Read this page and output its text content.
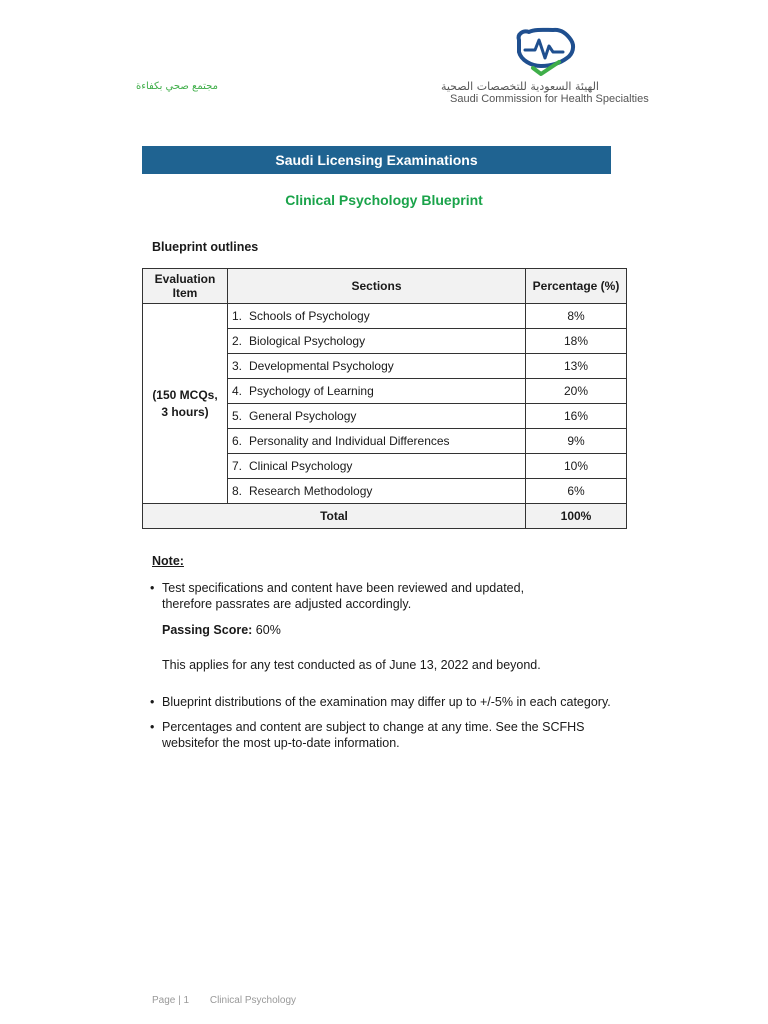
مجتمع صحي بكفاءة	الهيئة السعودية للتخصصات الصحية
Saudi Commission for Health Specialties
Saudi Licensing Examinations
Clinical Psychology Blueprint
Blueprint outlines
Evaluation
Item	Sections	Percentage (%)
(150 MCQs,
3 hours)	1. Schools of Psychology	8%
	2. Biological Psychology	18%
	3. Developmental Psychology	13%
	4. Psychology of Learning	20%
	5. General Psychology	16%
	6. Personality and Individual Differences	9%
	7. Clinical Psychology	10%
	8. Research Methodology	6%
Total		100%
Note:
• Test specifications and content have been reviewed and updated,
therefore passrates are adjusted accordingly.
Passing Score: 60%
This applies for any test conducted as of June 13, 2022 and beyond.
• Blueprint distributions of the examination may differ up to +/-5% in each category.
• Percentages and content are subject to change at any time. See the SCFHS
websitefor the most up-to-date information.
Page | 1 Clinical Psychology
